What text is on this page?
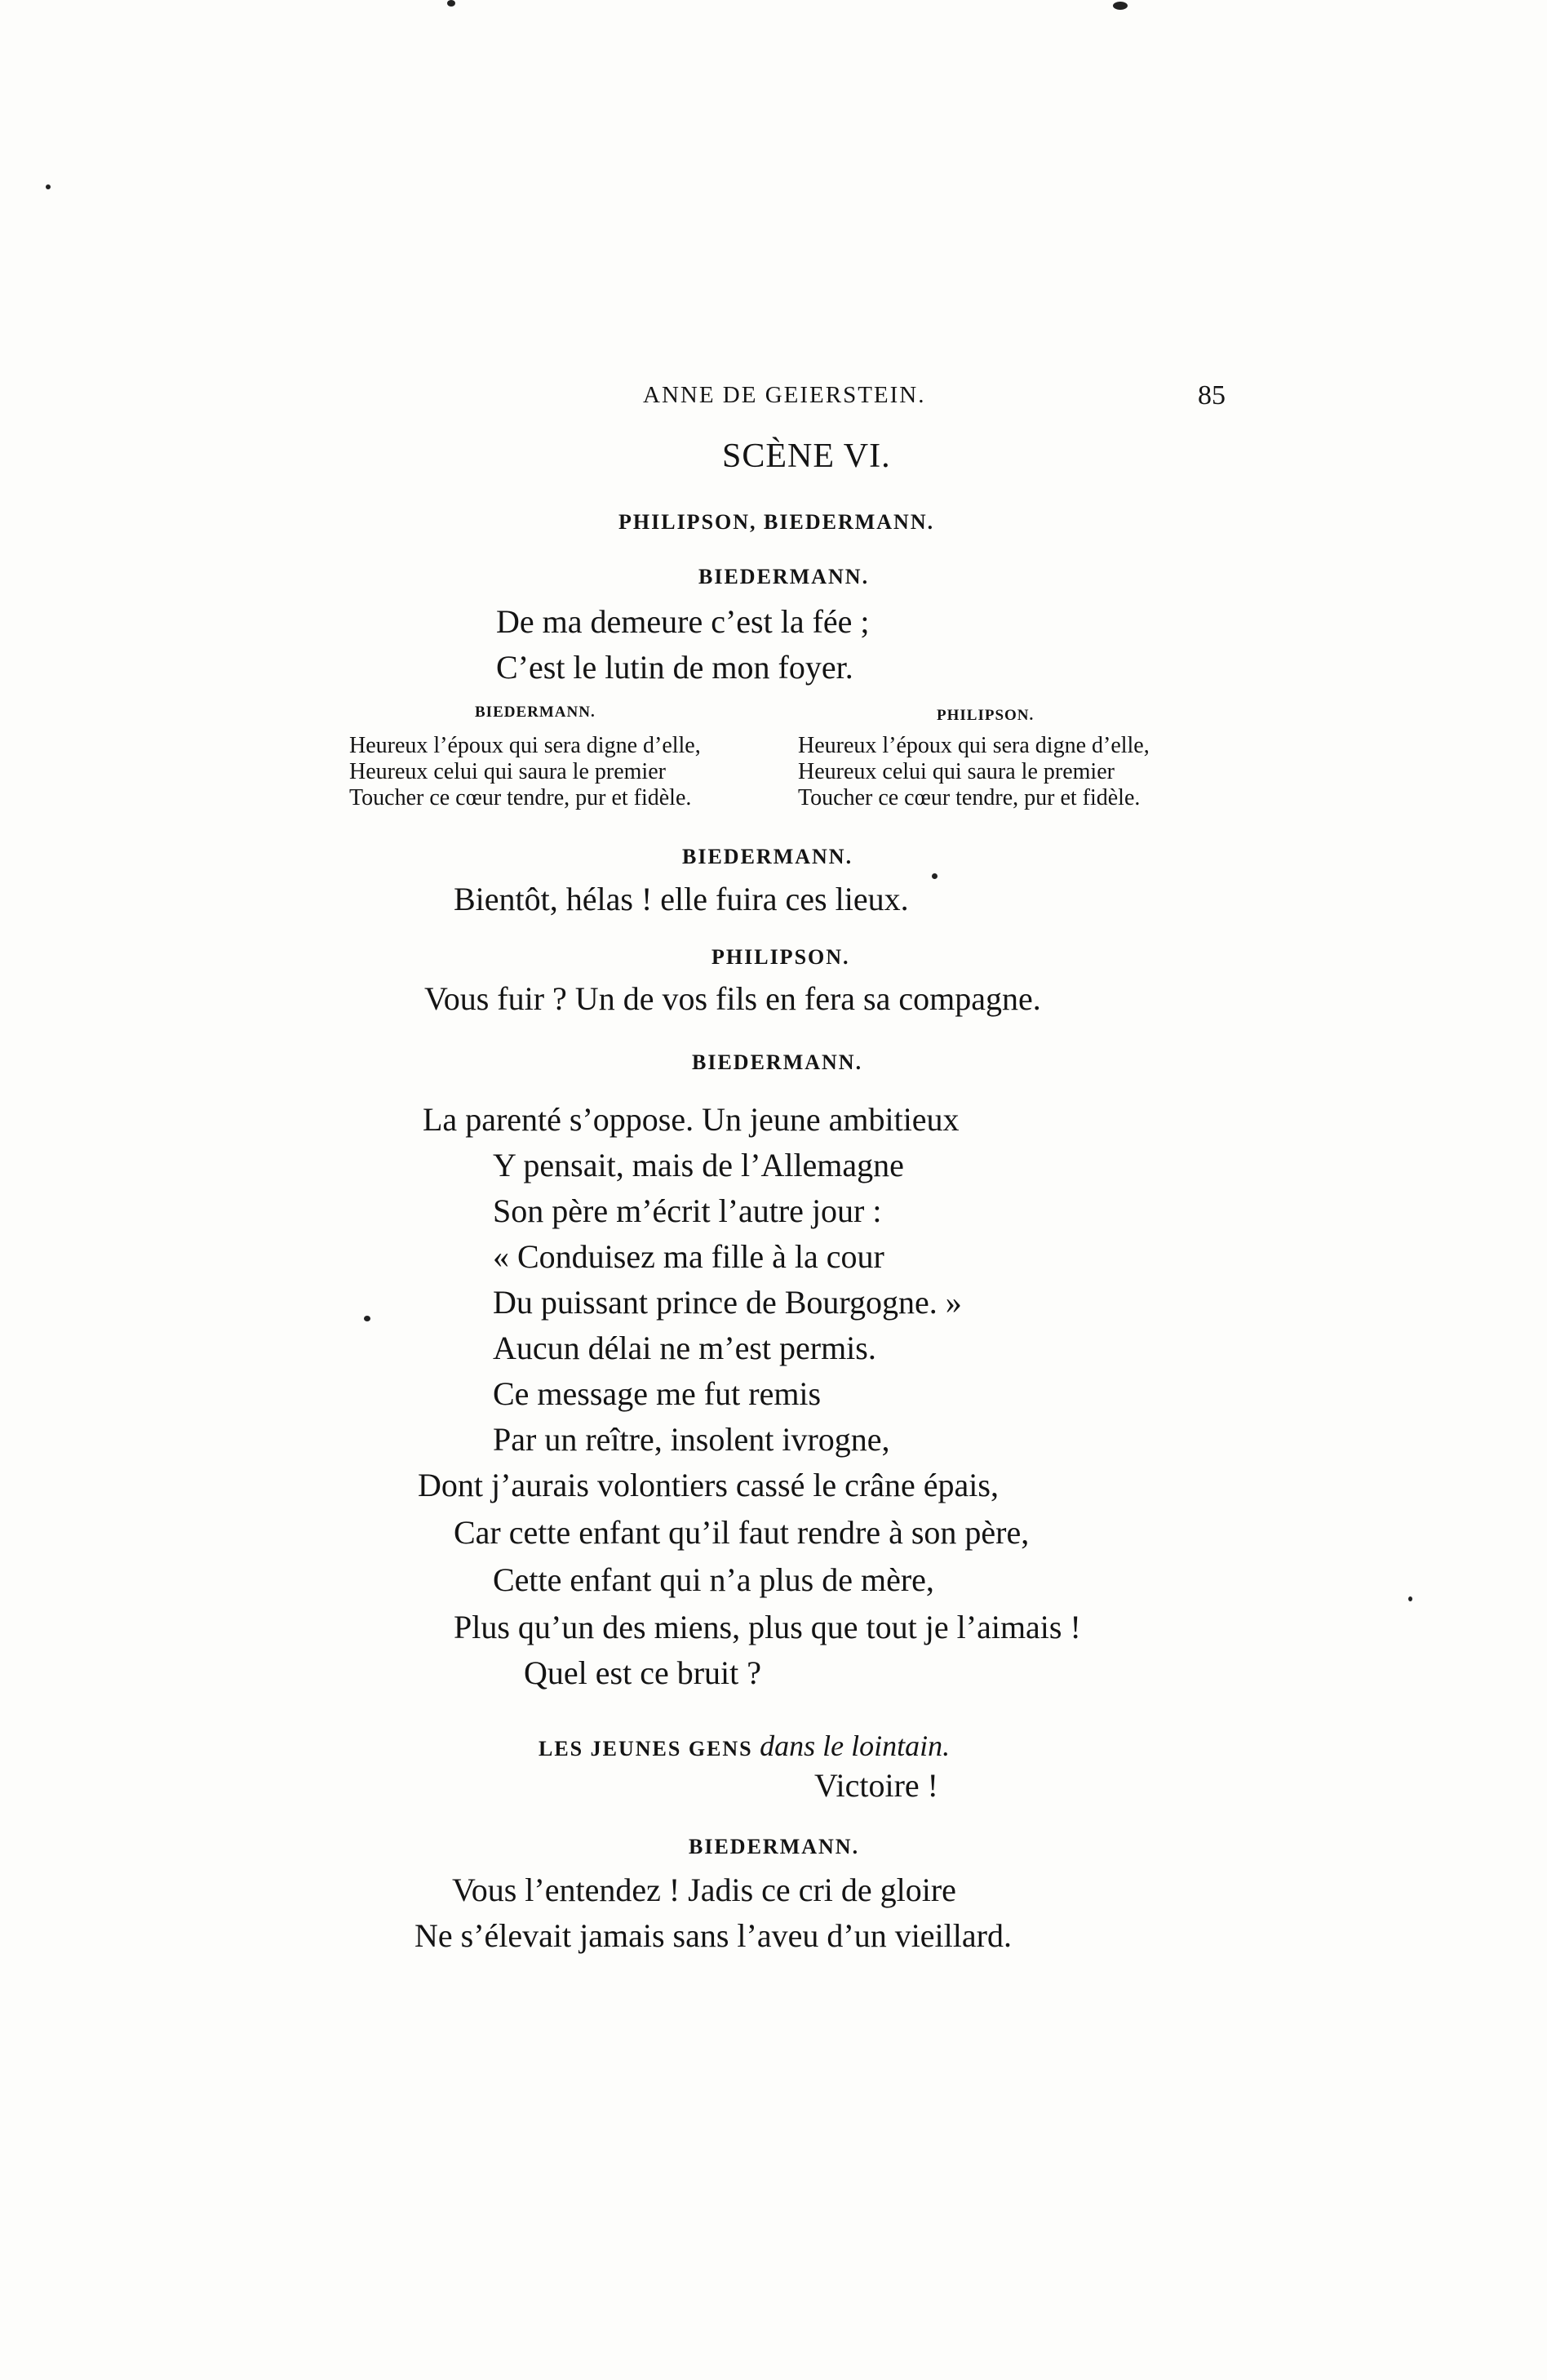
ANNE DE GEIERSTEIN.	85
SCÈNE VI.
PHILIPSON, BIEDERMANN.
BIEDERMANN.
De ma demeure c’est la fée ;
C’est le lutin de mon foyer.
BIEDERMANN.	PHILIPSON.
Heureux l’époux qui sera digne d’elle,
Heureux celui qui saura le premier
Toucher ce cœur tendre, pur et fidèle.
Heureux l’époux qui sera digne d’elle,
Heureux celui qui saura le premier
Toucher ce cœur tendre, pur et fidèle.
BIEDERMANN.
Bientôt, hélas ! elle fuira ces lieux.
PHILIPSON.
Vous fuir ? Un de vos fils en fera sa compagne.
BIEDERMANN.
La parenté s’oppose. Un jeune ambitieux
Y pensait, mais de l’Allemagne
Son père m’écrit l’autre jour :
« Conduisez ma fille à la cour
Du puissant prince de Bourgogne. »
Aucun délai ne m’est permis.
Ce message me fut remis
Par un reître, insolent ivrogne,
Dont j’aurais volontiers cassé le crâne épais,
Car cette enfant qu’il faut rendre à son père,
Cette enfant qui n’a plus de mère,
Plus qu’un des miens, plus que tout je l’aimais !
Quel est ce bruit ?
LES JEUNES GENS dans le lointain.
Victoire !
BIEDERMANN.
Vous l’entendez ! Jadis ce cri de gloire
Ne s’élevait jamais sans l’aveu d’un vieillard.
